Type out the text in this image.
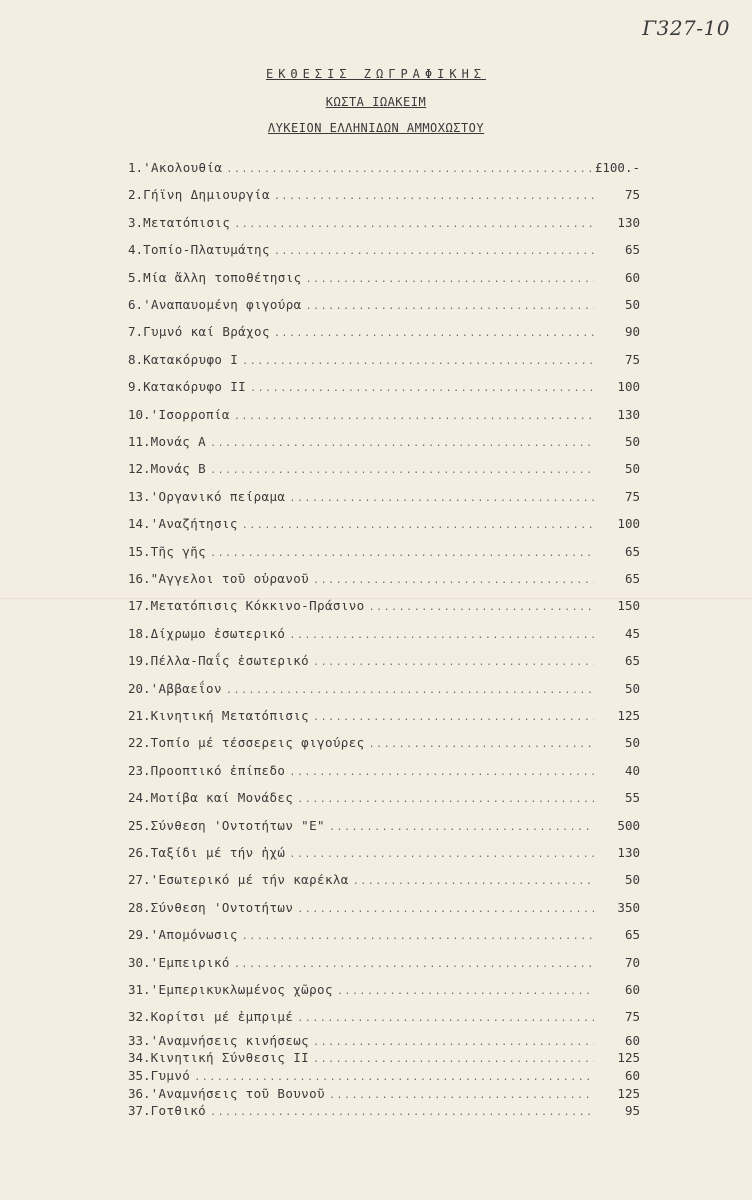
Γ327-10
ΕΚΘΕΣΙΣ ΖΩΓΡΑΦΙΚΗΣ
ΚΩΣΤΑ ΙΩΑΚΕΙΜ
ΛΥΚΕΙΟΝ ΕΛΛΗΝΙΔΩΝ ΑΜΜΟΧΩΣΤΟΥ
1. 'Ακολουθία .....	£100.-
2. Γήϊνη Δημιουργία .....	75
3. Μετατόπισις .....	130
4. Τοπίο-Πλατυμάτης .....	65
5. Μία ἄλλη τοποθέτησις .....	60
6. 'Αναπαυομένη φιγούρα .....	50
7. Γυμνό καί Βράχος .....	90
8. Κατακόρυφο Ι .....	75
9. Κατακόρυφο ΙΙ .....	100
10. 'Ισορροπία .....	130
11. Μονάς Α .....	50
12. Μονάς Β .....	50
13. 'Οργανικό πείραμα .....	75
14. 'Αναζήτησις .....	100
15. Τῆς γῆς .....	65
16. "Αγγελοι τοῦ οὐρανοῦ .....	65
17. Μετατόπισις Κόκκινο-Πράσινο .....	150
18. Δίχρωμο ἐσωτερικό .....	45
19. Πέλλα-Παΐς ἐσωτερικό .....	65
20. 'Αββαεΐον .....	50
21. Κινητική Μετατόπισις .....	125
22. Τοπίο μέ τέσσερεις φιγούρες .....	50
23. Προοπτικό ἐπίπεδο .....	40
24. Μοτίβα καί Μονάδες .....	55
25. Σύνθεση 'Οντοτήτων "Ε" .....	500
26. Ταξίδι μέ τήν ἠχώ .....	130
27. 'Εσωτερικό μέ τήν καρέκλα .....	50
28. Σύνθεση 'Οντοτήτων .....	350
29. 'Απομόνωσις .....	65
30. 'Εμπειρικό .....	70
31. 'Εμπερικυκλωμένος χῶρος .....	60
32. Κορίτσι μέ ἐμπριμέ .....	75
33. 'Αναμνήσεις κινήσεως .....	60
34. Κινητική Σύνθεσις ΙΙ .....	125
35. Γυμνό .....	60
36. 'Αναμνήσεις τοῦ Βουνοῦ .....	125
37. Γοτθικό .....	95
